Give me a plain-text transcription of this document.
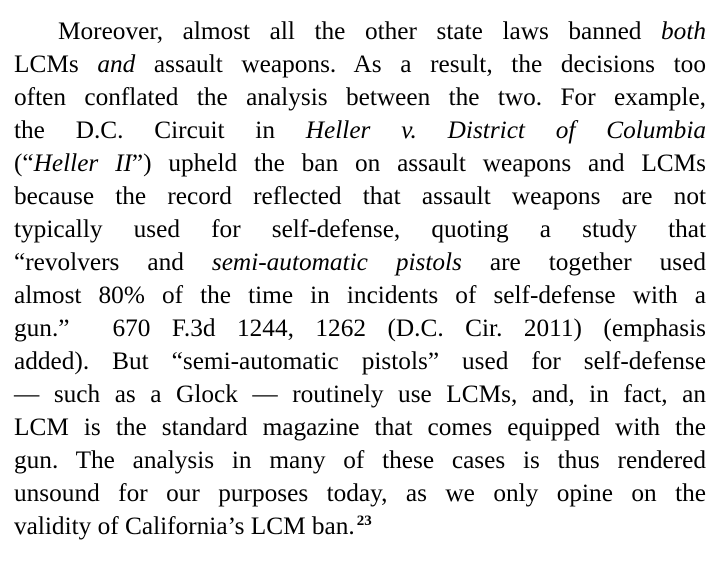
Moreover, almost all the other state laws banned both
LCMs and assault weapons. As a result, the decisions too
often conflated the analysis between the two. For example,
the D.C. Circuit in Heller v. District of Columbia
(“Heller II”) upheld the ban on assault weapons and LCMs
because the record reflected that assault weapons are not
typically used for self-defense, quoting a study that
“revolvers and semi-automatic pistols are together used
almost 80% of the time in incidents of self-defense with a
gun.”  670 F.3d 1244, 1262 (D.C. Cir. 2011) (emphasis
added). But “semi-automatic pistols” used for self-defense
— such as a Glock — routinely use LCMs, and, in fact, an
LCM is the standard magazine that comes equipped with the
gun. The analysis in many of these cases is thus rendered
unsound for our purposes today, as we only opine on the
validity of California’s LCM ban. $^{23}$
